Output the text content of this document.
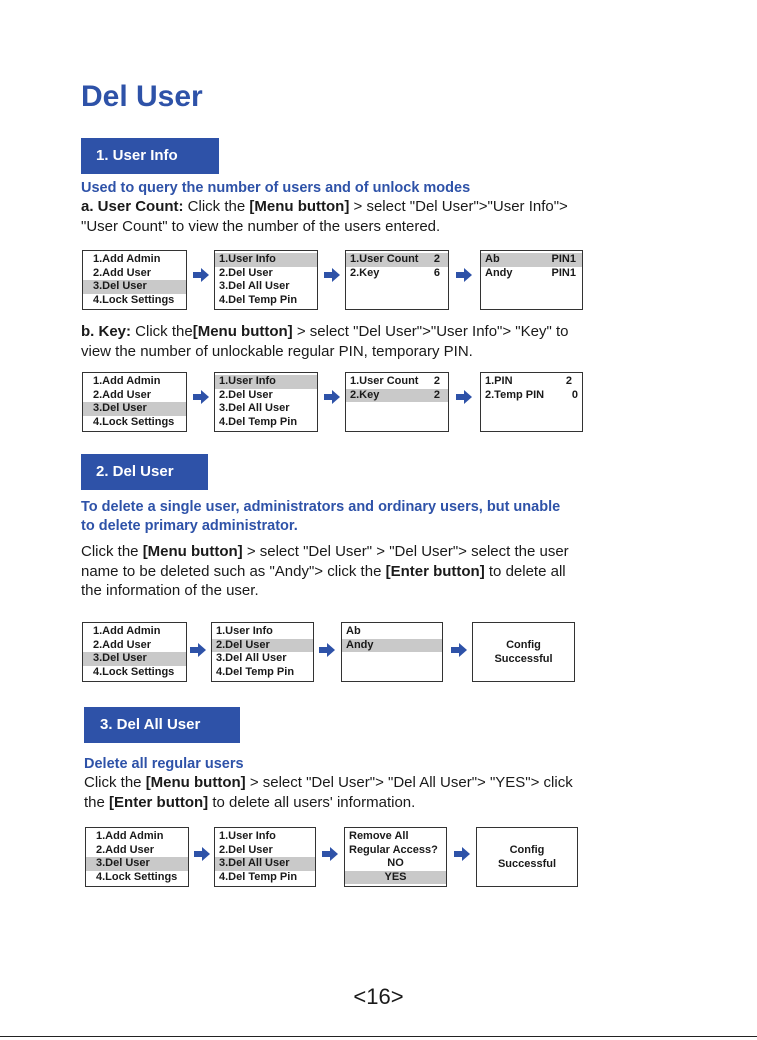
Del User
1. User Info
Used to query the number of users and of unlock modes
a. User Count: Click the [Menu button] > select "Del User">"User Info">
"User Count" to view the number of the users entered.
1.Add Admin
2.Add User
3.Del User
4.Lock Settings
1.User Info
2.Del User
3.Del All User
4.Del Temp Pin
1.User Count 2
2.Key	6
Ab	PIN1
Andy	PIN1
b. Key: Click the[Menu button] > select "Del User">"User Info"> "Key" to
view the number of unlockable regular PIN, temporary PIN.
1.Add Admin
2.Add User
3.Del User
4.Lock Settings
1.User Info
2.Del User
3.Del All User
4.Del Temp Pin
1.User Count 2
2.Key	2
1.PIN	2
2.Temp PIN	0
2. Del User
To delete a single user, administrators and ordinary users, but unable
to delete primary administrator.
Click the [Menu button] > select "Del User" > "Del User"> select the user
name to be deleted such as "Andy"> click the [Enter button] to delete all
the information of the user.
1.Add Admin
2.Add User
3.Del User
4.Lock Settings
1.User Info
2.Del User
3.Del All User
4.Del Temp Pin
Ab
Andy	Config
Successful
3. Del All User
Delete all regular users
Click the [Menu button] > select "Del User"> "Del All User"> "YES"> click
the [Enter button] to delete all users' information.
1.Add Admin
2.Add User
3.Del User
4.Lock Settings
1.User Info
2.Del User
3.Del All User
4.Del Temp Pin
Remove All
Regular Access?
NO
YES
Config
Successful
<16>
